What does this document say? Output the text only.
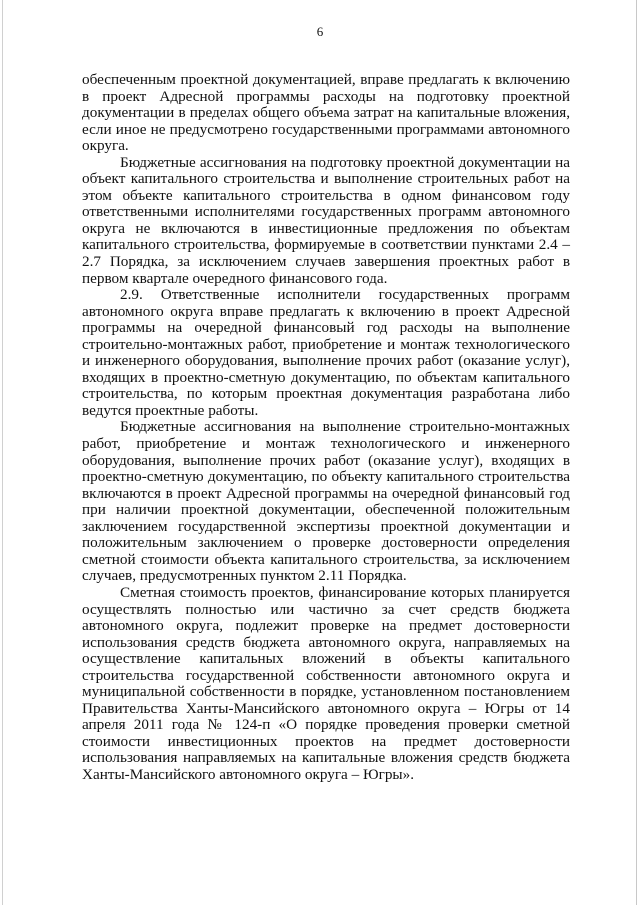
6

обеспеченным проектной документацией, вправе предлагать к включению в проект Адресной программы расходы на подготовку проектной документации в пределах общего объема затрат на капитальные вложения, если иное не предусмотрено государственными программами автономного округа.

Бюджетные ассигнования на подготовку проектной документации на объект капитального строительства и выполнение строительных работ на этом объекте капитального строительства в одном финансовом году ответственными исполнителями государственных программ автономного округа не включаются в инвестиционные предложения по объектам капитального строительства, формируемые в соответствии пунктами 2.4 – 2.7 Порядка, за исключением случаев завершения проектных работ в первом квартале очередного финансового года.

2.9. Ответственные исполнители государственных программ автономного округа вправе предлагать к включению в проект Адресной программы на очередной финансовый год расходы на выполнение строительно-монтажных работ, приобретение и монтаж технологического и инженерного оборудования, выполнение прочих работ (оказание услуг), входящих в проектно-сметную документацию, по объектам капитального строительства, по которым проектная документация разработана либо ведутся проектные работы.

Бюджетные ассигнования на выполнение строительно-монтажных работ, приобретение и монтаж технологического и инженерного оборудования, выполнение прочих работ (оказание услуг), входящих в проектно-сметную документацию, по объекту капитального строительства включаются в проект Адресной программы на очередной финансовый год при наличии проектной документации, обеспеченной положительным заключением государственной экспертизы проектной документации и положительным заключением о проверке достоверности определения сметной стоимости объекта капитального строительства, за исключением случаев, предусмотренных пунктом 2.11 Порядка.

Сметная стоимость проектов, финансирование которых планируется осуществлять полностью или частично за счет средств бюджета автономного округа, подлежит проверке на предмет достоверности использования средств бюджета автономного округа, направляемых на осуществление капитальных вложений в объекты капитального строительства государственной собственности автономного округа и муниципальной собственности в порядке, установленном постановлением Правительства Ханты-Мансийского автономного округа – Югры от 14 апреля 2011 года № 124-п «О порядке проведения проверки сметной стоимости инвестиционных проектов на предмет достоверности использования направляемых на капитальные вложения средств бюджета Ханты-Мансийского автономного округа – Югры».
